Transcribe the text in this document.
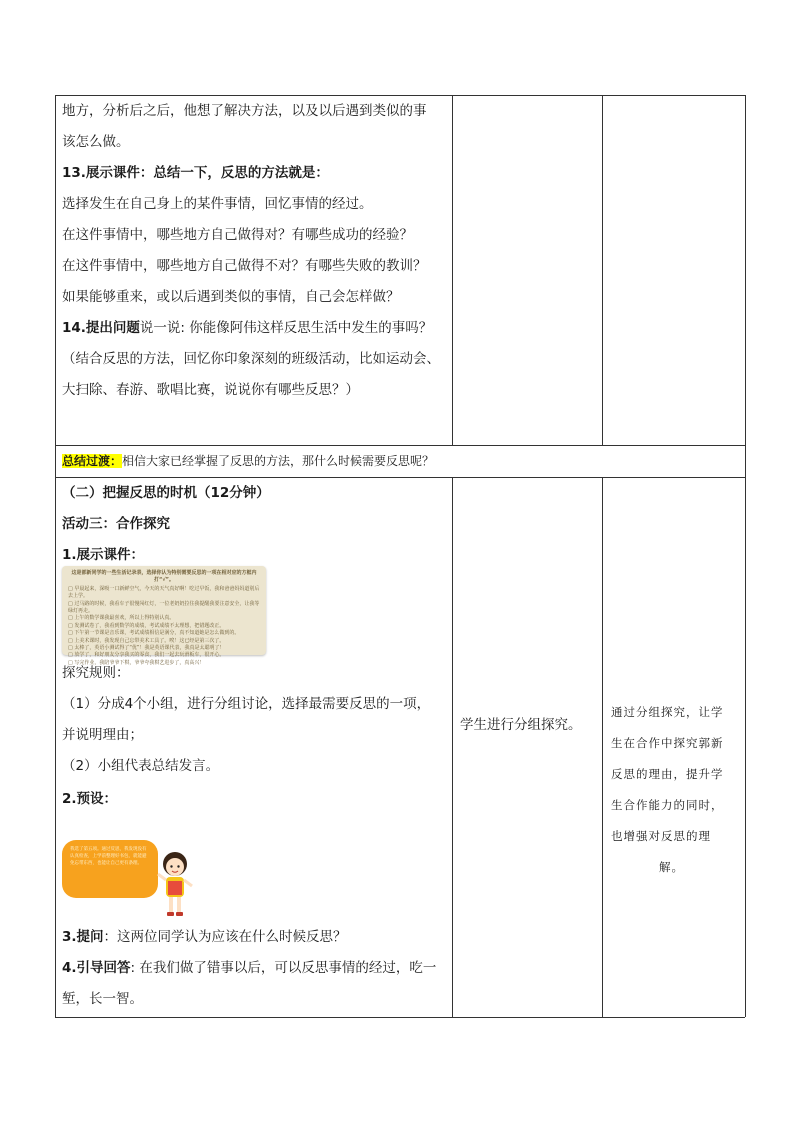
地方，分析后之后，他想了解决方法，以及以后遇到类似的事
该怎么做。
13.展示课件：总结一下，反思的方法就是：
选择发生在自己身上的某件事情，回忆事情的经过。
在这件事情中，哪些地方自己做得对？有哪些成功的经验？
在这件事情中，哪些地方自己做得不对？有哪些失败的教训？
如果能够重来，或以后遇到类似的事情，自己会怎样做？
14.提出问题说一说: 你能像阿伟这样反思生活中发生的事吗？
（结合反思的方法，回忆你印象深刻的班级活动，比如运动会、
大扫除、春游、歌唱比赛，说说你有哪些反思？）
总结过渡：相信大家已经掌握了反思的方法，那什么时候需要反思呢？
（二）把握反思的时机（12分钟）
活动三：合作探究
1.展示课件：
这是部新同学的一些生活记录表，选择你认为特别需要反思的一项在相对应的方框内打“√”。
□ 早晨起来，深吸一口新鲜空气，今天的天气真好啊！吃过早饭，我和爸爸妈妈道别后去上学。
□ 过马路的时候，我看车子很慢闯红灯，一位老奶奶拉住我提醒我要注意安全，让我等绿灯再走。
□ 上午的数学课我最喜欢，所以上得特别认真。
□ 发测试卷了，我看到数学的成绩，考试成绩不太理想，把错题改正。
□ 下午第一节课是音乐课，考试成绩相信是满分，真不知道她是怎么做到的。
□ 上美术课时，我发现自己忘带美术工具了。唉！这已经是第三次了。
□ 太棒了，英语小测试得了“优”！我是英语课代表，我真是太聪明了！
□ 放学了，和好朋友分享我买的零食，我们一起去玩滑板车，很开心。
□ 写完作业，我陪爷爷下棋，爷爷夸我棋艺进步了，真高兴！
探究规则：
（1）分成4个小组，进行分组讨论，选择最需要反思的一项，
并说明理由；
（2）小组代表总结发言。
2.预设：
我选了第五项。通过反思，我发现没有认真检查，上学前整理好书包，就能避免忘带东西，也能让自己更有条理。
3.提问：这两位同学认为应该在什么时候反思？
4.引导回答: 在我们做了错事以后，可以反思事情的经过，吃一
堑，长一智。
学生进行分组探究。
通过分组探究，让学
生在合作中探究郭新
反思的理由，提升学
生合作能力的同时，
也增强对反思的理
解。
